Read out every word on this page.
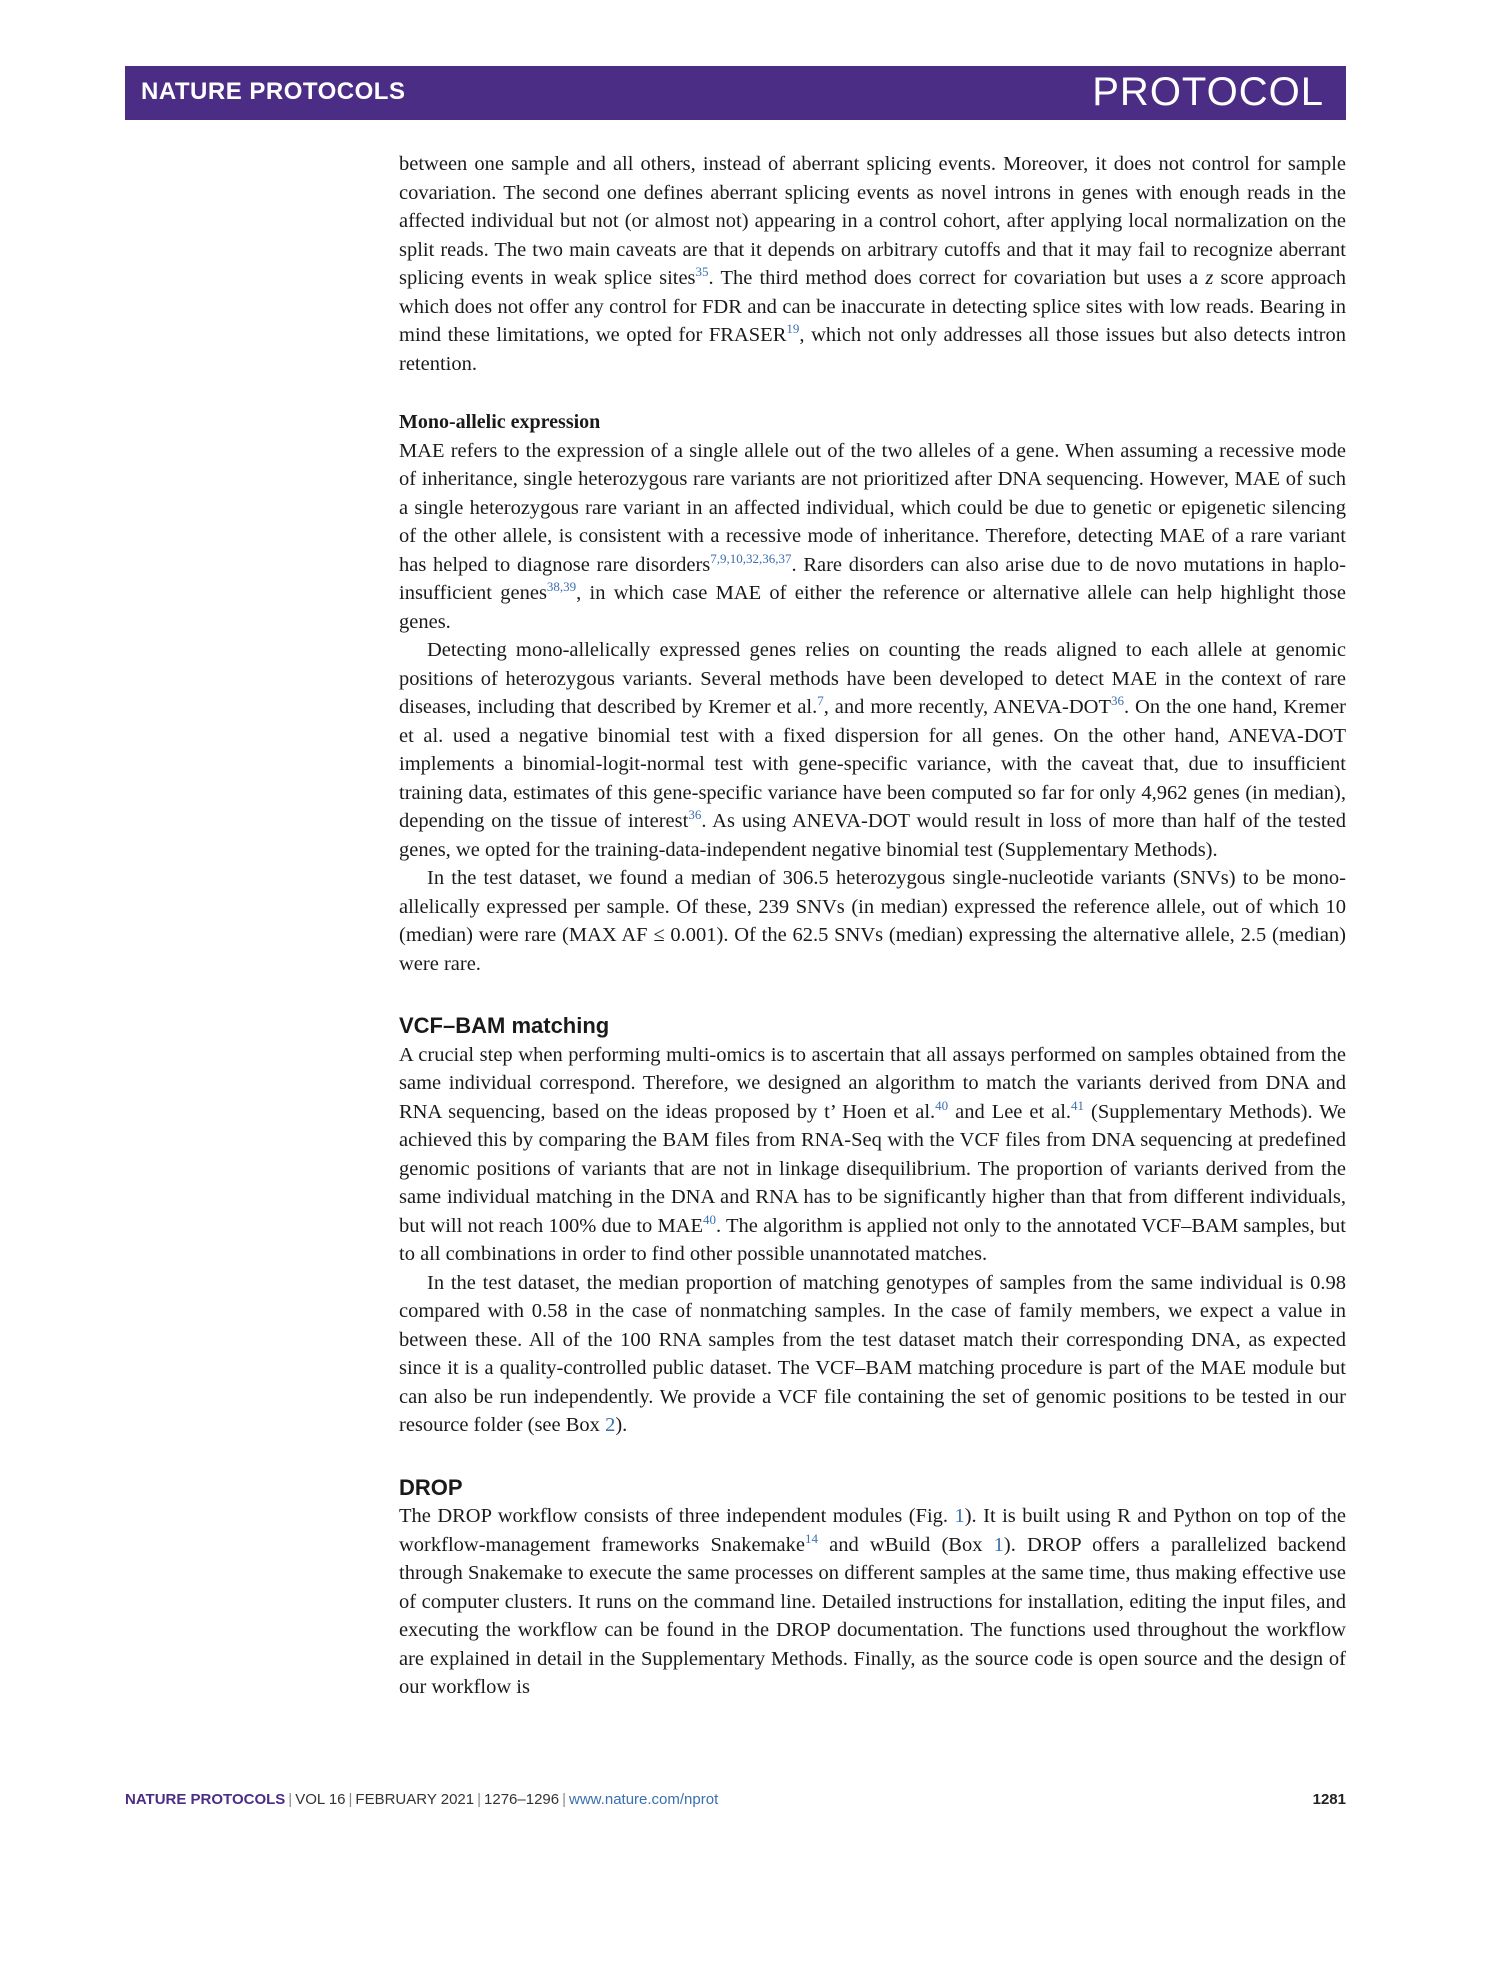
NATURE PROTOCOLS	PROTOCOL

between one sample and all others, instead of aberrant splicing events. Moreover, it does not control for sample covariation. The second one defines aberrant splicing events as novel introns in genes with enough reads in the affected individual but not (or almost not) appearing in a control cohort, after applying local normalization on the split reads. The two main caveats are that it depends on arbitrary cutoffs and that it may fail to recognize aberrant splicing events in weak splice sites$^{35}$. The third method does correct for covariation but uses a z score approach which does not offer any control for FDR and can be inaccurate in detecting splice sites with low reads. Bearing in mind these limitations, we opted for FRASER$^{19}$, which not only addresses all those issues but also detects intron retention.

Mono-allelic expression

MAE refers to the expression of a single allele out of the two alleles of a gene. When assuming a recessive mode of inheritance, single heterozygous rare variants are not prioritized after DNA sequencing. However, MAE of such a single heterozygous rare variant in an affected individual, which could be due to genetic or epigenetic silencing of the other allele, is consistent with a recessive mode of inheritance. Therefore, detecting MAE of a rare variant has helped to diagnose rare disorders$^{7,9,10,32,36,37}$. Rare disorders can also arise due to de novo mutations in haplo-insufficient genes$^{38,39}$, in which case MAE of either the reference or alternative allele can help highlight those genes.

Detecting mono-allelically expressed genes relies on counting the reads aligned to each allele at genomic positions of heterozygous variants. Several methods have been developed to detect MAE in the context of rare diseases, including that described by Kremer et al.$^7$, and more recently, ANEVA-DOT$^{36}$. On the one hand, Kremer et al. used a negative binomial test with a fixed dispersion for all genes. On the other hand, ANEVA-DOT implements a binomial-logit-normal test with gene-specific variance, with the caveat that, due to insufficient training data, estimates of this gene-specific variance have been computed so far for only 4,962 genes (in median), depending on the tissue of interest$^{36}$. As using ANEVA-DOT would result in loss of more than half of the tested genes, we opted for the training-data-independent negative binomial test (Supplementary Methods).

In the test dataset, we found a median of 306.5 heterozygous single-nucleotide variants (SNVs) to be mono-allelically expressed per sample. Of these, 239 SNVs (in median) expressed the reference allele, out of which 10 (median) were rare (MAX AF ≤ 0.001). Of the 62.5 SNVs (median) expressing the alternative allele, 2.5 (median) were rare.

VCF–BAM matching

A crucial step when performing multi-omics is to ascertain that all assays performed on samples obtained from the same individual correspond. Therefore, we designed an algorithm to match the variants derived from DNA and RNA sequencing, based on the ideas proposed by t’ Hoen et al.$^{40}$ and Lee et al.$^{41}$ (Supplementary Methods). We achieved this by comparing the BAM files from RNA-Seq with the VCF files from DNA sequencing at predefined genomic positions of variants that are not in linkage disequilibrium. The proportion of variants derived from the same individual matching in the DNA and RNA has to be significantly higher than that from different individuals, but will not reach 100% due to MAE$^{40}$. The algorithm is applied not only to the annotated VCF–BAM samples, but to all combinations in order to find other possible unannotated matches.

In the test dataset, the median proportion of matching genotypes of samples from the same individual is 0.98 compared with 0.58 in the case of nonmatching samples. In the case of family members, we expect a value in between these. All of the 100 RNA samples from the test dataset match their corresponding DNA, as expected since it is a quality-controlled public dataset. The VCF–BAM matching procedure is part of the MAE module but can also be run independently. We provide a VCF file containing the set of genomic positions to be tested in our resource folder (see Box 2).

DROP

The DROP workflow consists of three independent modules (Fig. 1). It is built using R and Python on top of the workflow-management frameworks Snakemake$^{14}$ and wBuild (Box 1). DROP offers a parallelized backend through Snakemake to execute the same processes on different samples at the same time, thus making effective use of computer clusters. It runs on the command line. Detailed instructions for installation, editing the input files, and executing the workflow can be found in the DROP documentation. The functions used throughout the workflow are explained in detail in the Supplementary Methods. Finally, as the source code is open source and the design of our workflow is

NATURE PROTOCOLS | VOL 16 | FEBRUARY 2021 | 1276–1296 | www.nature.com/nprot	1281
